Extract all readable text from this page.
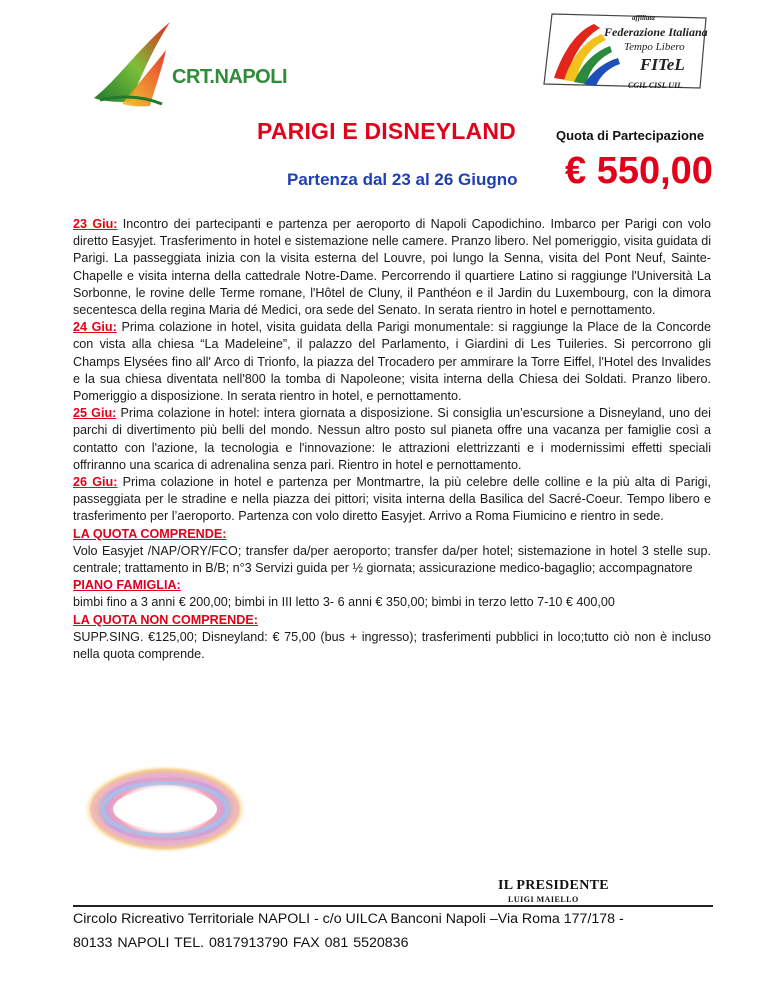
CRT.NAPOLI
affiliata
Federazione Italiana
Tempo Libero
FITeL
CGIL CISL UIL
PARIGI E DISNEYLAND	Quota di Partecipazione
Partenza dal 23 al 26 Giugno € 550,00

23 Giu: Incontro dei partecipanti e partenza per aeroporto di Napoli Capodichino. Imbarco per Parigi con volo diretto Easyjet. Trasferimento in hotel e sistemazione nelle camere. Pranzo libero. Nel pomeriggio, visita guidata di Parigi. La passeggiata inizia con la visita esterna del Louvre, poi lungo la Senna, visita del Pont Neuf, Sainte-Chapelle e visita interna della cattedrale Notre-Dame. Percorrendo il quartiere Latino si raggiunge l'Università La Sorbonne, le rovine delle Terme romane, l'Hôtel de Cluny, il Panthéon e il Jardin du Luxembourg, con la dimora secentesca della regina Maria dé Medici, ora sede del Senato. In serata rientro in hotel e pernottamento.

24 Giu: Prima colazione in hotel, visita guidata della Parigi monumentale: si raggiunge la Place de la Concorde con vista alla chiesa “La Madeleine”, il palazzo del Parlamento, i Giardini di Les Tuileries. Si percorrono gli Champs Elysées fino all' Arco di Trionfo, la piazza del Trocadero per ammirare la Torre Eiffel, l'Hotel des Invalides e la sua chiesa diventata nell'800 la tomba di Napoleone; visita interna della Chiesa dei Soldati. Pranzo libero. Pomeriggio a disposizione. In serata rientro in hotel, e pernottamento.

25 Giu: Prima colazione in hotel: intera giornata a disposizione. Si consiglia un’escursione a Disneyland, uno dei parchi di divertimento più belli del mondo. Nessun altro posto sul pianeta offre una vacanza per famiglie così a contatto con l'azione, la tecnologia e l'innovazione: le attrazioni elettrizzanti e i modernissimi effetti speciali offriranno una scarica di adrenalina senza pari. Rientro in hotel e pernottamento.

26 Giu: Prima colazione in hotel e partenza per Montmartre, la più celebre delle colline e la più alta di Parigi, passeggiata per le stradine e nella piazza dei pittori; visita interna della Basilica del Sacré-Coeur. Tempo libero e trasferimento per l’aeroporto. Partenza con volo diretto Easyjet. Arrivo a Roma Fiumicino e rientro in sede.

LA QUOTA COMPRENDE:

Volo Easyjet /NAP/ORY/FCO; transfer da/per aeroporto; transfer da/per hotel; sistemazione in hotel 3 stelle sup. centrale; trattamento in B/B; n°3 Servizi guida per ½ giornata; assicurazione medico-bagaglio; accompagnatore

PIANO FAMIGLIA:

bimbi fino a 3 anni € 200,00; bimbi in III letto 3- 6 anni € 350,00; bimbi in terzo letto 7-10 € 400,00

LA QUOTA NON COMPRENDE:

SUPP.SING. €125,00; Disneyland: € 75,00 (bus + ingresso); trasferimenti pubblici in loco;tutto ciò non è incluso nella quota comprende.

IL PRESIDENTE
LUIGI MAIELLO
Circolo Ricreativo Territoriale NAPOLI - c/o UILCA Banconi Napoli –Via Roma 177/178 -
80133 NAPOLI TEL. 0817913790 FAX 081 5520836
